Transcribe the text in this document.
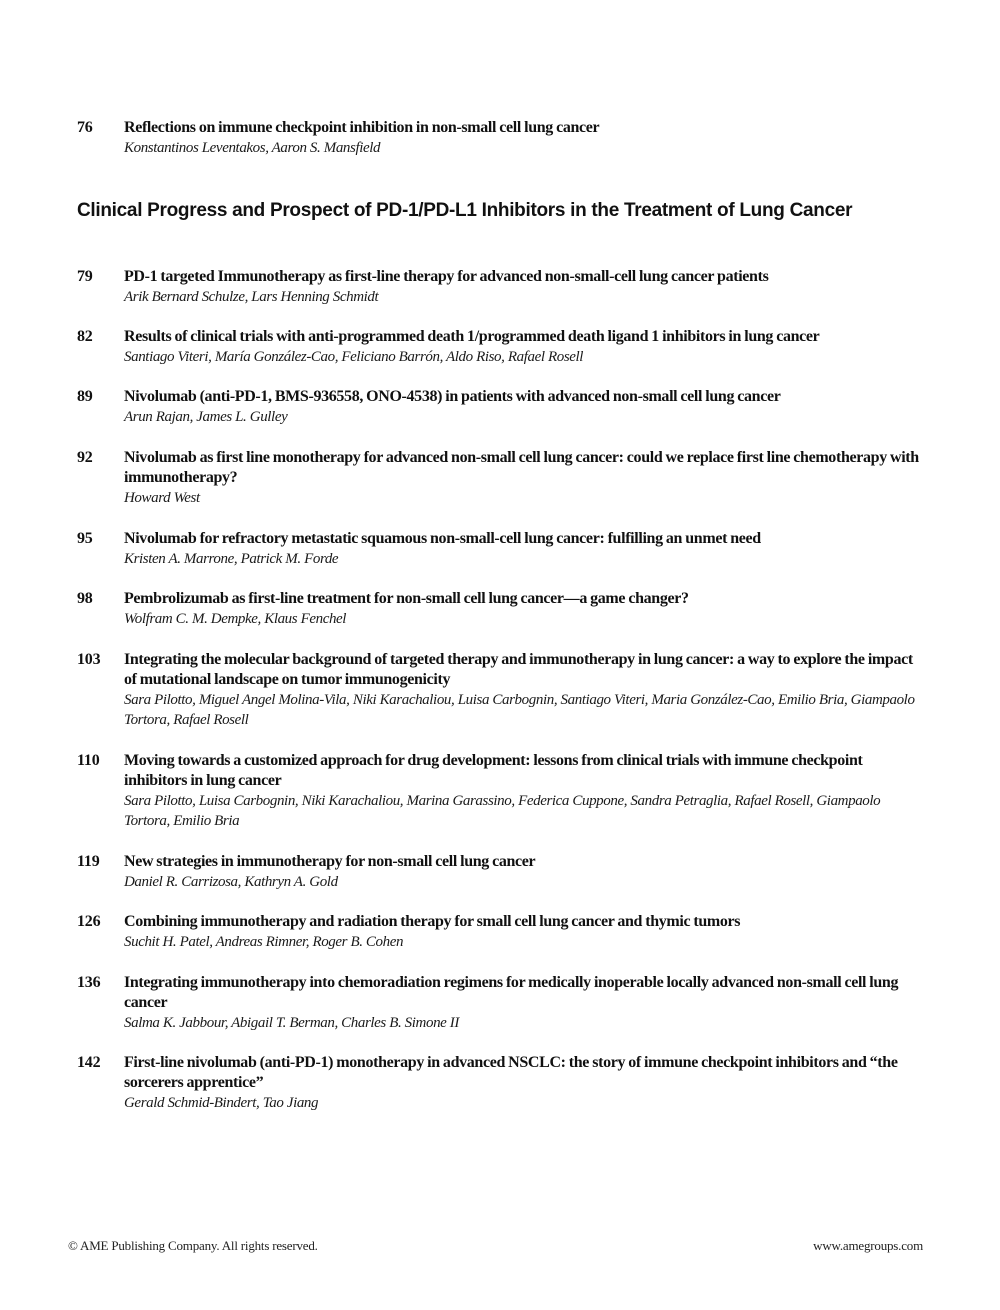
76	Reflections on immune checkpoint inhibition in non-small cell lung cancer
Konstantinos Leventakos, Aaron S. Mansfield
Clinical Progress and Prospect of PD-1/PD-L1 Inhibitors in the Treatment of Lung Cancer
79	PD-1 targeted Immunotherapy as first-line therapy for advanced non-small-cell lung cancer patients
Arik Bernard Schulze, Lars Henning Schmidt
82	Results of clinical trials with anti-programmed death 1/programmed death ligand 1 inhibitors in lung cancer
Santiago Viteri, María González-Cao, Feliciano Barrón, Aldo Riso, Rafael Rosell
89	Nivolumab (anti-PD-1, BMS-936558, ONO-4538) in patients with advanced non-small cell lung cancer
Arun Rajan, James L. Gulley
92	Nivolumab as first line monotherapy for advanced non-small cell lung cancer: could we replace first line chemotherapy with immunotherapy?
Howard West
95	Nivolumab for refractory metastatic squamous non-small-cell lung cancer: fulfilling an unmet need
Kristen A. Marrone, Patrick M. Forde
98	Pembrolizumab as first-line treatment for non-small cell lung cancer—a game changer?
Wolfram C. M. Dempke, Klaus Fenchel
103	Integrating the molecular background of targeted therapy and immunotherapy in lung cancer: a way to explore the impact of mutational landscape on tumor immunogenicity
Sara Pilotto, Miguel Angel Molina-Vila, Niki Karachaliou, Luisa Carbognin, Santiago Viteri, Maria González-Cao, Emilio Bria, Giampaolo Tortora, Rafael Rosell
110	Moving towards a customized approach for drug development: lessons from clinical trials with immune checkpoint inhibitors in lung cancer
Sara Pilotto, Luisa Carbognin, Niki Karachaliou, Marina Garassino, Federica Cuppone, Sandra Petraglia, Rafael Rosell, Giampaolo Tortora, Emilio Bria
119	New strategies in immunotherapy for non-small cell lung cancer
Daniel R. Carrizosa, Kathryn A. Gold
126	Combining immunotherapy and radiation therapy for small cell lung cancer and thymic tumors
Suchit H. Patel, Andreas Rimner, Roger B. Cohen
136	Integrating immunotherapy into chemoradiation regimens for medically inoperable locally advanced non-small cell lung cancer
Salma K. Jabbour, Abigail T. Berman, Charles B. Simone II
142	First-line nivolumab (anti-PD-1) monotherapy in advanced NSCLC: the story of immune checkpoint inhibitors and “the sorcerers apprentice”
Gerald Schmid-Bindert, Tao Jiang
© AME Publishing Company. All rights reserved.	www.amegroups.com
